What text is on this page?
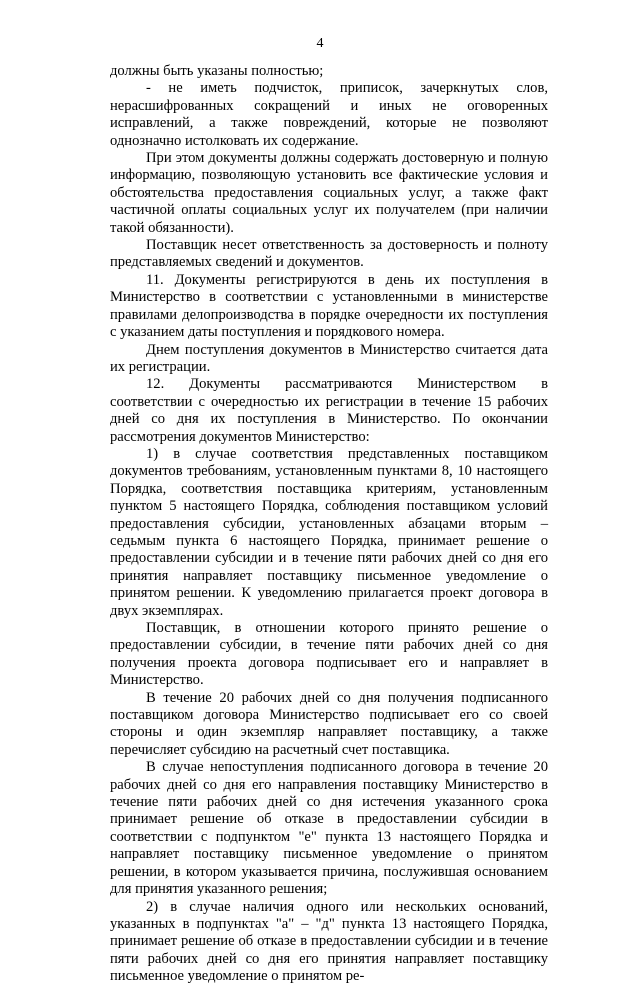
4

должны быть указаны полностью;

- не иметь подчисток, приписок, зачеркнутых слов, нерасшифрованных сокращений и иных не оговоренных исправлений, а также повреждений, которые не позволяют однозначно истолковать их содержание.

При этом документы должны содержать достоверную и полную информацию, позволяющую установить все фактические условия и обстоятельства предоставления социальных услуг, а также факт частичной оплаты социальных услуг их получателем (при наличии такой обязанности).

Поставщик несет ответственность за достоверность и полноту представляемых сведений и документов.

11. Документы регистрируются в день их поступления в Министерство в соответствии с установленными в министерстве правилами делопроизводства в порядке очередности их поступления с указанием даты поступления и порядкового номера.

Днем поступления документов в Министерство считается дата их регистрации.

12. Документы рассматриваются Министерством в соответствии с очередностью их регистрации в течение 15 рабочих дней со дня их поступления в Министерство. По окончании рассмотрения документов Министерство:

1) в случае соответствия представленных поставщиком документов требованиям, установленным пунктами 8, 10 настоящего Порядка, соответствия поставщика критериям, установленным пунктом 5 настоящего Порядка, соблюдения поставщиком условий предоставления субсидии, установленных абзацами вторым – седьмым пункта 6 настоящего Порядка, принимает решение о предоставлении субсидии и в течение пяти рабочих дней со дня его принятия направляет поставщику письменное уведомление о принятом решении. К уведомлению прилагается проект договора в двух экземплярах.

Поставщик, в отношении которого принято решение о предоставлении субсидии, в течение пяти рабочих дней со дня получения проекта договора подписывает его и направляет в Министерство.

В течение 20 рабочих дней со дня получения подписанного поставщиком договора Министерство подписывает его со своей стороны и один экземпляр направляет поставщику, а также перечисляет субсидию на расчетный счет поставщика.

В случае непоступления подписанного договора в течение 20 рабочих дней со дня его направления поставщику Министерство в течение пяти рабочих дней со дня истечения указанного срока принимает решение об отказе в предоставлении субсидии в соответствии с подпунктом "е" пункта 13 настоящего Порядка и направляет поставщику письменное уведомление о принятом решении, в котором указывается причина, послужившая основанием для принятия указанного решения;

2) в случае наличия одного или нескольких оснований, указанных в подпунктах "а" – "д" пункта 13 настоящего Порядка, принимает решение об отказе в предоставлении субсидии и в течение пяти рабочих дней со дня его принятия направляет поставщику письменное уведомление о принятом ре-
